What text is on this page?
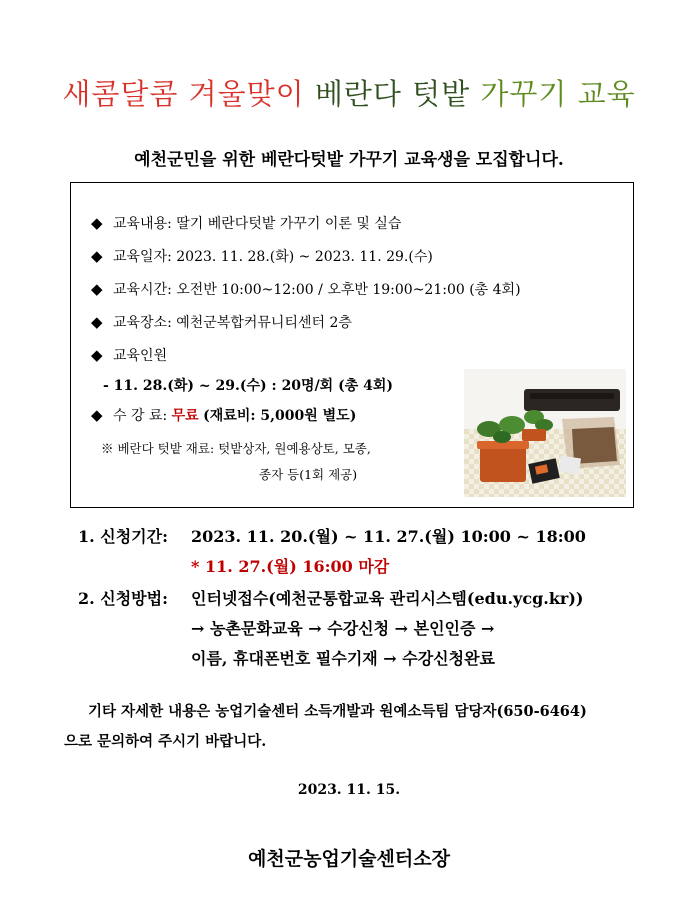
새콤달콤 겨울맞이 베란다 텃밭 가꾸기 교육
예천군민을 위한 베란다텃밭 가꾸기 교육생을 모집합니다.
◆ 교육내용: 딸기 베란다텃밭 가꾸기 이론 및 실습
◆ 교육일자: 2023. 11. 28.(화) ~ 2023. 11. 29.(수)
◆ 교육시간: 오전반 10:00~12:00 / 오후반 19:00~21:00 (총 4회)
◆ 교육장소: 예천군복합커뮤니티센터 2층
◆ 교육인원
- 11. 28.(화) ~ 29.(수) : 20명/회 (총 4회)
◆ 수 강 료: 무료 (재료비: 5,000원 별도)
※ 베란다 텃밭 재료: 텃밭상자, 원예용상토, 모종,
종자 등(1회 제공)
1. 신청기간: 2023. 11. 20.(월) ~ 11. 27.(월) 10:00 ~ 18:00
* 11. 27.(월) 16:00 마감
2. 신청방법: 인터넷접수(예천군통합교육 관리시스템(edu.ycg.kr))
→ 농촌문화교육 → 수강신청 → 본인인증 →
이름, 휴대폰번호 필수기재 → 수강신청완료
기타 자세한 내용은 농업기술센터 소득개발과 원예소득팀 담당자(650-6464)
으로 문의하여 주시기 바랍니다.
2023. 11. 15.
예천군농업기술센터소장
